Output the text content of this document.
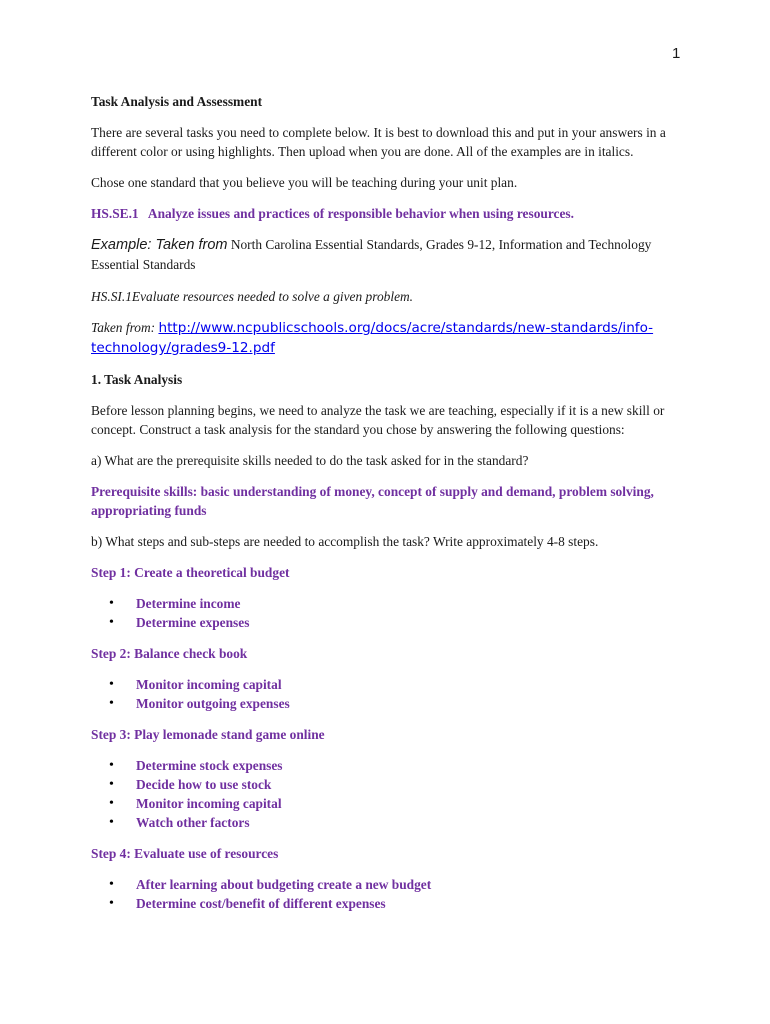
1

Task Analysis and Assessment

There are several tasks you need to complete below. It is best to download this and put in your answers in a different color or using highlights. Then upload when you are done. All of the examples are in italics.

Chose one standard that you believe you will be teaching during your unit plan.

HS.SE.1   Analyze issues and practices of responsible behavior when using resources.

Example: Taken from North Carolina Essential Standards, Grades 9-12, Information and Technology Essential Standards

HS.SI.1Evaluate resources needed to solve a given problem.

Taken from: http://www.ncpublicschools.org/docs/acre/standards/new-standards/info-technology/grades9-12.pdf

1. Task Analysis

Before lesson planning begins, we need to analyze the task we are teaching, especially if it is a new skill or concept. Construct a task analysis for the standard you chose by answering the following questions:

a) What are the prerequisite skills needed to do the task asked for in the standard?

Prerequisite skills: basic understanding of money, concept of supply and demand, problem solving, appropriating funds

b) What steps and sub-steps are needed to accomplish the task? Write approximately 4-8 steps.

Step 1: Create a theoretical budget

• Determine income
• Determine expenses

Step 2: Balance check book

• Monitor incoming capital
• Monitor outgoing expenses

Step 3: Play lemonade stand game online

• Determine stock expenses
• Decide how to use stock
• Monitor incoming capital
• Watch other factors

Step 4: Evaluate use of resources

• After learning about budgeting create a new budget
• Determine cost/benefit of different expenses
